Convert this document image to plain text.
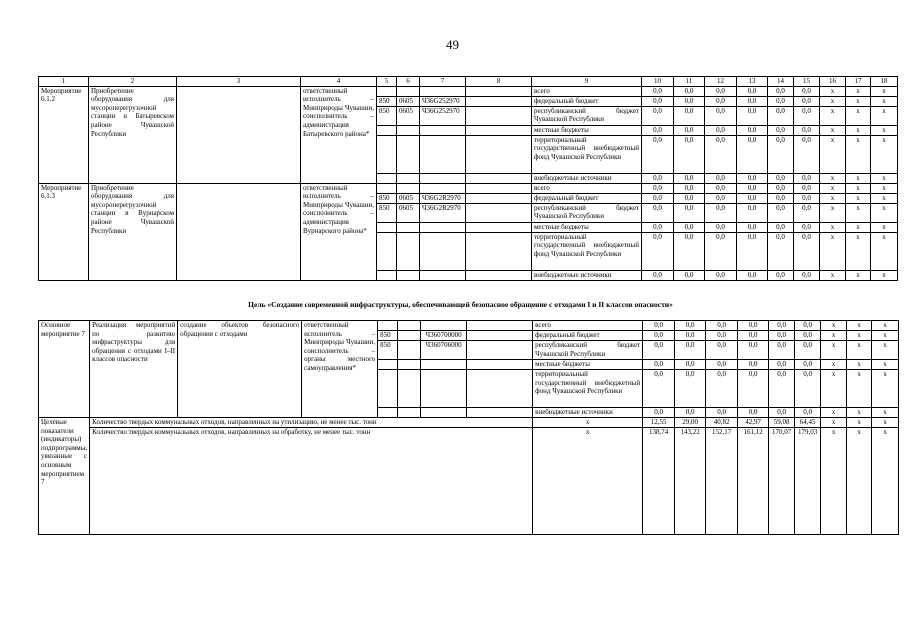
49
1	2	3	4	5	6	7	8	9	10	11	12	13	14	15	16	17	18
Мероприятие 6.1.2	Приобретение оборудования для мусороперегрузочной станции в Батыревском районе Чувашской Республики		ответственный исполнитель – Минприроды Чувашии, соисполнитель – администрация Батыревского района*					всего	0,0	0,0	0,0	0,0	0,0	0,0	x	x	x
				850	0605	Ч36G252970		федеральный бюджет	0,0	0,0	0,0	0,0	0,0	0,0	x	x	x
				850	0605	Ч36G252970		республиканский бюджет Чувашской Республики	0,0	0,0	0,0	0,0	0,0	0,0	x	x	x
								местные бюджеты	0,0	0,0	0,0	0,0	0,0	0,0	x	x	x
								территориальный государственный внебюджетный фонд Чувашской Республики	0,0	0,0	0,0	0,0	0,0	0,0	x	x	x
								внебюджетные источники	0,0	0,0	0,0	0,0	0,0	0,0	x	x	x
Мероприятие 6.1.3	Приобретение оборудования для мусороперегрузочной станции в Вурнарском районе Чувашской Республики		ответственный исполнитель – Минприроды Чувашии, соисполнитель – администрация Вурнарского района*					всего	0,0	0,0	0,0	0,0	0,0	0,0	x	x	x
				850	0605	Ч36G2R2970		федеральный бюджет	0,0	0,0	0,0	0,0	0,0	0,0	x	x	x
				850	0605	Ч36G2R2970		республиканский бюджет Чувашской Республики	0,0	0,0	0,0	0,0	0,0	0,0	x	x	x
								местные бюджеты	0,0	0,0	0,0	0,0	0,0	0,0	x	x	x
								территориальный государственный внебюджетный фонд Чувашской Республики	0,0	0,0	0,0	0,0	0,0	0,0	x	x	x
								внебюджетные источники	0,0	0,0	0,0	0,0	0,0	0,0	x	x	x
Цель «Создание современной инфраструктуры, обеспечивающей безопасное обращение с отходами I и II классов опасности»
Основное мероприятие 7	Реализация мероприятий по развитию инфраструктуры для обращения с отходами I–II классов опасности	создание объектов безопасного обращения с отходами	ответственный исполнитель – Минприроды Чувашии, соисполнитель – органы местного самоуправления*					всего	0,0	0,0	0,0	0,0	0,0	0,0	x	x	x
				850		Ч360700000		федеральный бюджет	0,0	0,0	0,0	0,0	0,0	0,0	x	x	x
				850		Ч360706000		республиканский бюджет Чувашской Республики	0,0	0,0	0,0	0,0	0,0	0,0	x	x	x
								местные бюджеты	0,0	0,0	0,0	0,0	0,0	0,0	x	x	x
								территориальный государственный внебюджетный фонд Чувашской Республики	0,0	0,0	0,0	0,0	0,0	0,0	x	x	x
								внебюджетные источники	0,0	0,0	0,0	0,0	0,0	0,0	x	x	x
Целевые показатели (индикаторы) подпрограммы, увязанные с основным мероприятием 7	Количество твердых коммунальных отходов, направленных на утилизацию, не менее тыс. тонн							x	12,55	29,00	40,82	42,97	59,08	64,45	x	x	x
	Количество твердых коммунальных отходов, направленных на обработку, не менее тыс. тонн							x	138,74	143,22	152,17	161,12	170,07	179,03	x	x	x
